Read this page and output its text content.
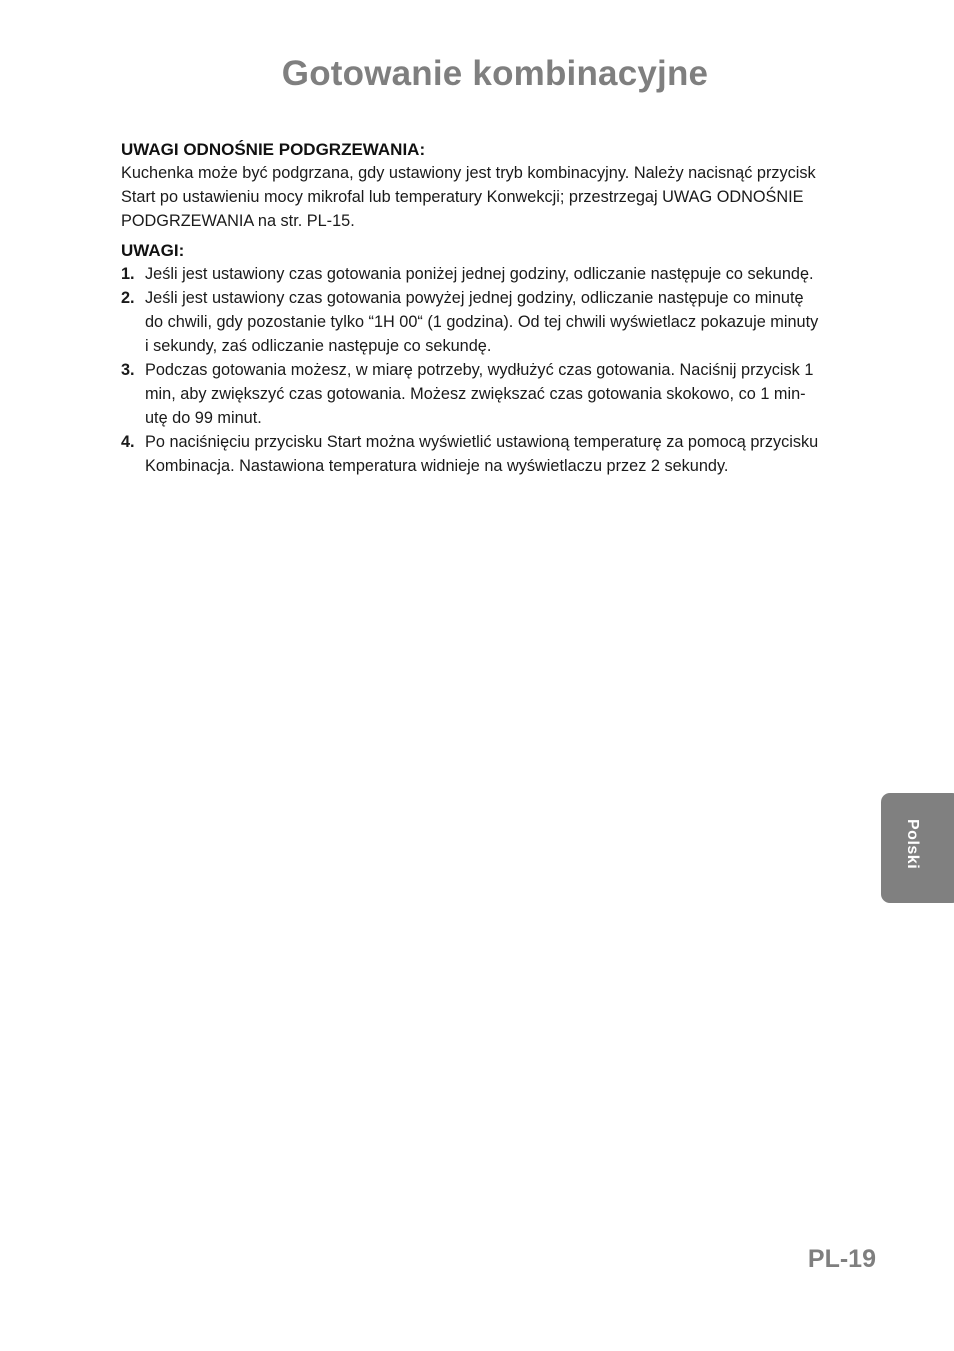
Gotowanie kombinacyjne
UWAGI ODNOŚNIE PODGRZEWANIA:

Kuchenka może być podgrzana, gdy ustawiony jest tryb kombinacyjny. Należy nacisnąć przycisk
Start po ustawieniu mocy mikrofal lub temperatury Konwekcji; przestrzegaj UWAG ODNOŚNIE
PODGRZEWANIA na str. PL-15.

UWAGI:
1. Jeśli jest ustawiony czas gotowania poniżej jednej godziny, odliczanie następuje co sekundę.
2. Jeśli jest ustawiony czas gotowania powyżej jednej godziny, odliczanie następuje co minutę
do chwili, gdy pozostanie tylko “1H 00“ (1 godzina). Od tej chwili wyświetlacz pokazuje minuty
i sekundy, zaś odliczanie następuje co sekundę.
3. Podczas gotowania możesz, w miarę potrzeby, wydłużyć czas gotowania. Naciśnij przycisk 1
min, aby zwiększyć czas gotowania. Możesz zwiększać czas gotowania skokowo, co 1 min-
utę do 99 minut.
4. Po naciśnięciu przycisku Start można wyświetlić ustawioną temperaturę za pomocą przycisku
Kombinacja. Nastawiona temperatura widnieje na wyświetlaczu przez 2 sekundy.
Polski
PL-19
